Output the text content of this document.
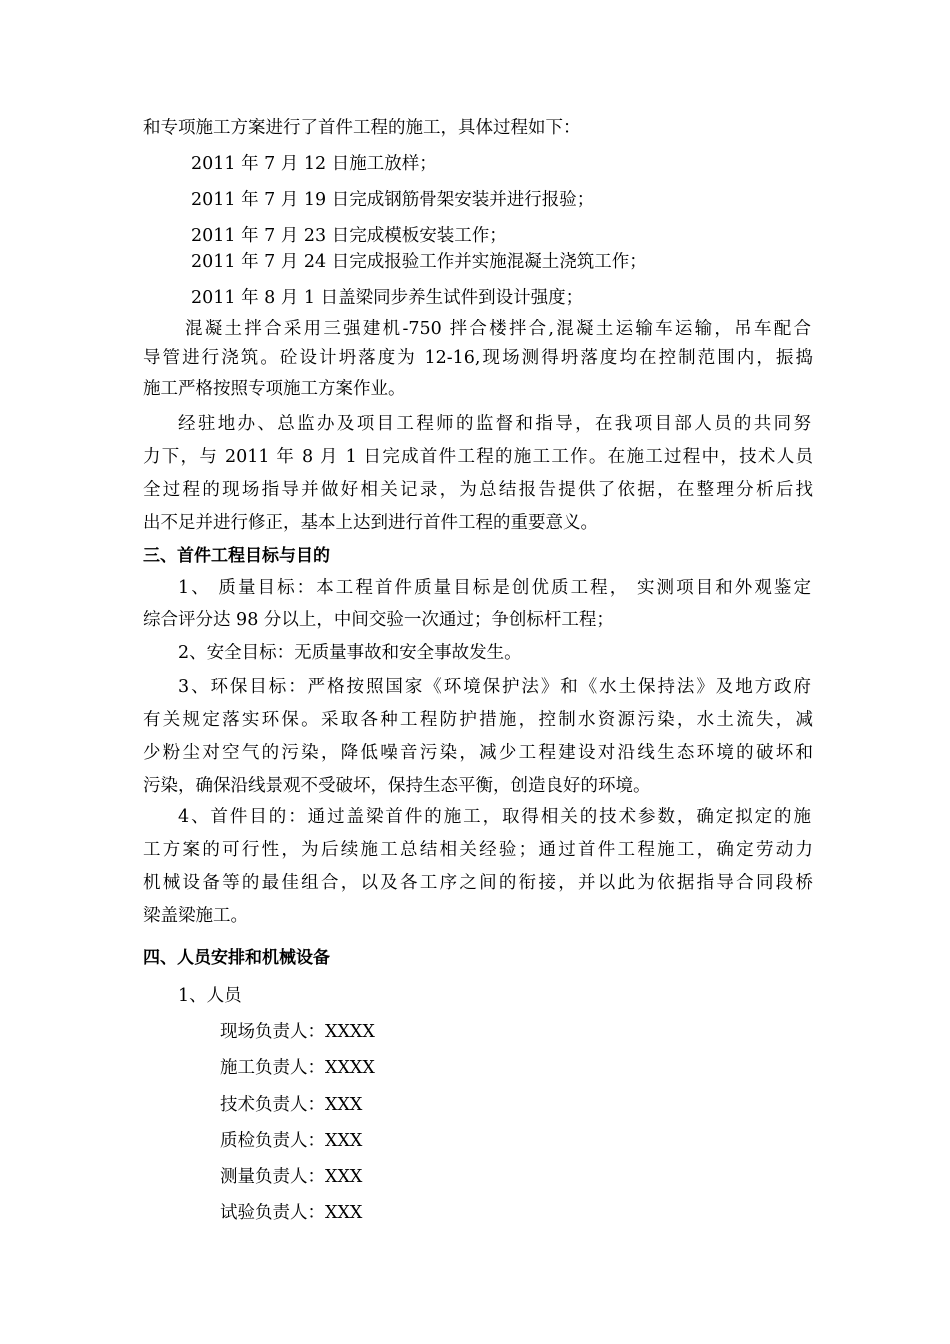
和专项施工方案进行了首件工程的施工，具体过程如下：
2011 年 7 月 12 日施工放样；
2011 年 7 月 19 日完成钢筋骨架安装并进行报验；
2011 年 7 月 23 日完成模板安装工作；
2011 年 7 月 24 日完成报验工作并实施混凝土浇筑工作；
2011 年 8 月 1 日盖梁同步养生试件到设计强度；
混凝土拌合采用三强建机-750 拌合楼拌合,混凝土运输车运输，吊车配合
导管进行浇筑。砼设计坍落度为 12-16,现场测得坍落度均在控制范围内，振捣
施工严格按照专项施工方案作业。
经驻地办、总监办及项目工程师的监督和指导，在我项目部人员的共同努
力下，与 2011 年 8 月 1 日完成首件工程的施工工作。在施工过程中，技术人员
全过程的现场指导并做好相关记录，为总结报告提供了依据，在整理分析后找
出不足并进行修正，基本上达到进行首件工程的重要意义。
三、首件工程目标与目的
1、 质量目标：本工程首件质量目标是创优质工程， 实测项目和外观鉴定
综合评分达 98 分以上，中间交验一次通过；争创标杆工程；
2、安全目标：无质量事故和安全事故发生。
3、环保目标：严格按照国家《环境保护法》和《水土保持法》及地方政府
有关规定落实环保。采取各种工程防护措施，控制水资源污染，水土流失，减
少粉尘对空气的污染，降低噪音污染，减少工程建设对沿线生态环境的破坏和
污染，确保沿线景观不受破坏，保持生态平衡，创造良好的环境。
4、首件目的：通过盖梁首件的施工，取得相关的技术参数，确定拟定的施
工方案的可行性，为后续施工总结相关经验；通过首件工程施工，确定劳动力
机械设备等的最佳组合，以及各工序之间的衔接，并以此为依据指导合同段桥
梁盖梁施工。
四、人员安排和机械设备
1、人员
现场负责人：XXXX
施工负责人：XXXX
技术负责人：XXX
质检负责人：XXX
测量负责人：XXX
试验负责人：XXX
